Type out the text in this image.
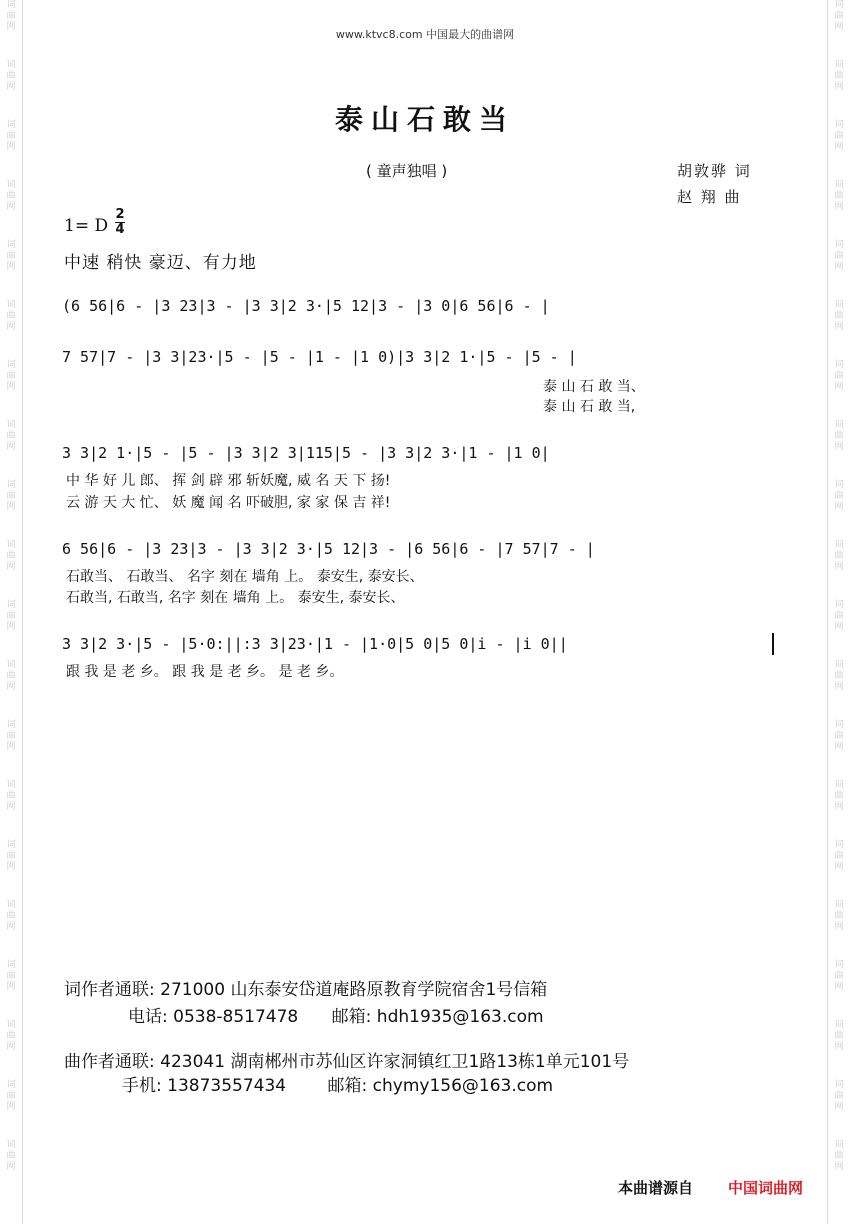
词
曲
网
词
曲
网
词
曲
网
词
曲
网
词
曲
网
词
曲
网
词
曲
网
词
曲
网
词
曲
网
词
曲
网
词
曲
网
词
曲
网
词
曲
网
词
曲
网
词
曲
网
词
曲
网
词
曲
网
词
曲
网
词
曲
网
词
曲
网
词
曲
网
词
曲
网
词
曲
网
词
曲
网
词
曲
网
词
曲
网
词
曲
网
词
曲
网
词
曲
网
词
曲
网
词
曲
网
词
曲
网
词
曲
网
词
曲
网
词
曲
网
词
曲
网
词
曲
网
词
曲
网
词
曲
网
词
曲
网
www.ktvc8.com 中国最大的曲谱网
泰山石敢当
( 童声独唱 )	胡敦骅 词
赵 翔 曲
1= D
2
4
中速 稍快 豪迈、有力地
(6 56|6 - |3 23|3 - |3 3|2 3·|5 12|3 - |3 0|6 56|6 - |
7 57|7 - |3 3|23·|5 - |5 - |1 - |1 0)|3 3|2 1·|5 - |5 - |
泰 山 石 敢 当、
泰 山 石 敢 当,
3 3|2 1·|5 - |5 - |3 3|2 3|115|5 - |3 3|2 3·|1 - |1 0|
中 华 好 儿 郎、 挥 剑 辟 邪 斩妖魔, 威 名 天 下 扬!
云 游 天 大 忙、 妖 魔 闻 名 吓破胆, 家 家 保 吉 祥!
6 56|6 - |3 23|3 - |3 3|2 3·|5 12|3 - |6 56|6 - |7 57|7 - |
石敢当、 石敢当、 名字 刻在 墙角 上。 泰安生, 泰安长、
石敢当, 石敢当, 名字 刻在 墙角 上。 泰安生, 泰安长、
3 3|2 3·|5 - |5·0:||:3 3|23·|1 - |1·0|5 0|5 0|i - |i 0||
跟 我 是 老 乡。 跟 我 是 老 乡。 是 老 乡。
词作者通联: 271000 山东泰安岱道庵路原教育学院宿舍1号信箱
电话: 0538-8517478 邮箱: hdh1935@163.com
曲作者通联: 423041 湖南郴州市苏仙区许家洞镇红卫1路13栋1单元101号
手机: 13873557434 邮箱: chymy156@163.com
本曲谱源自 中国词曲网
